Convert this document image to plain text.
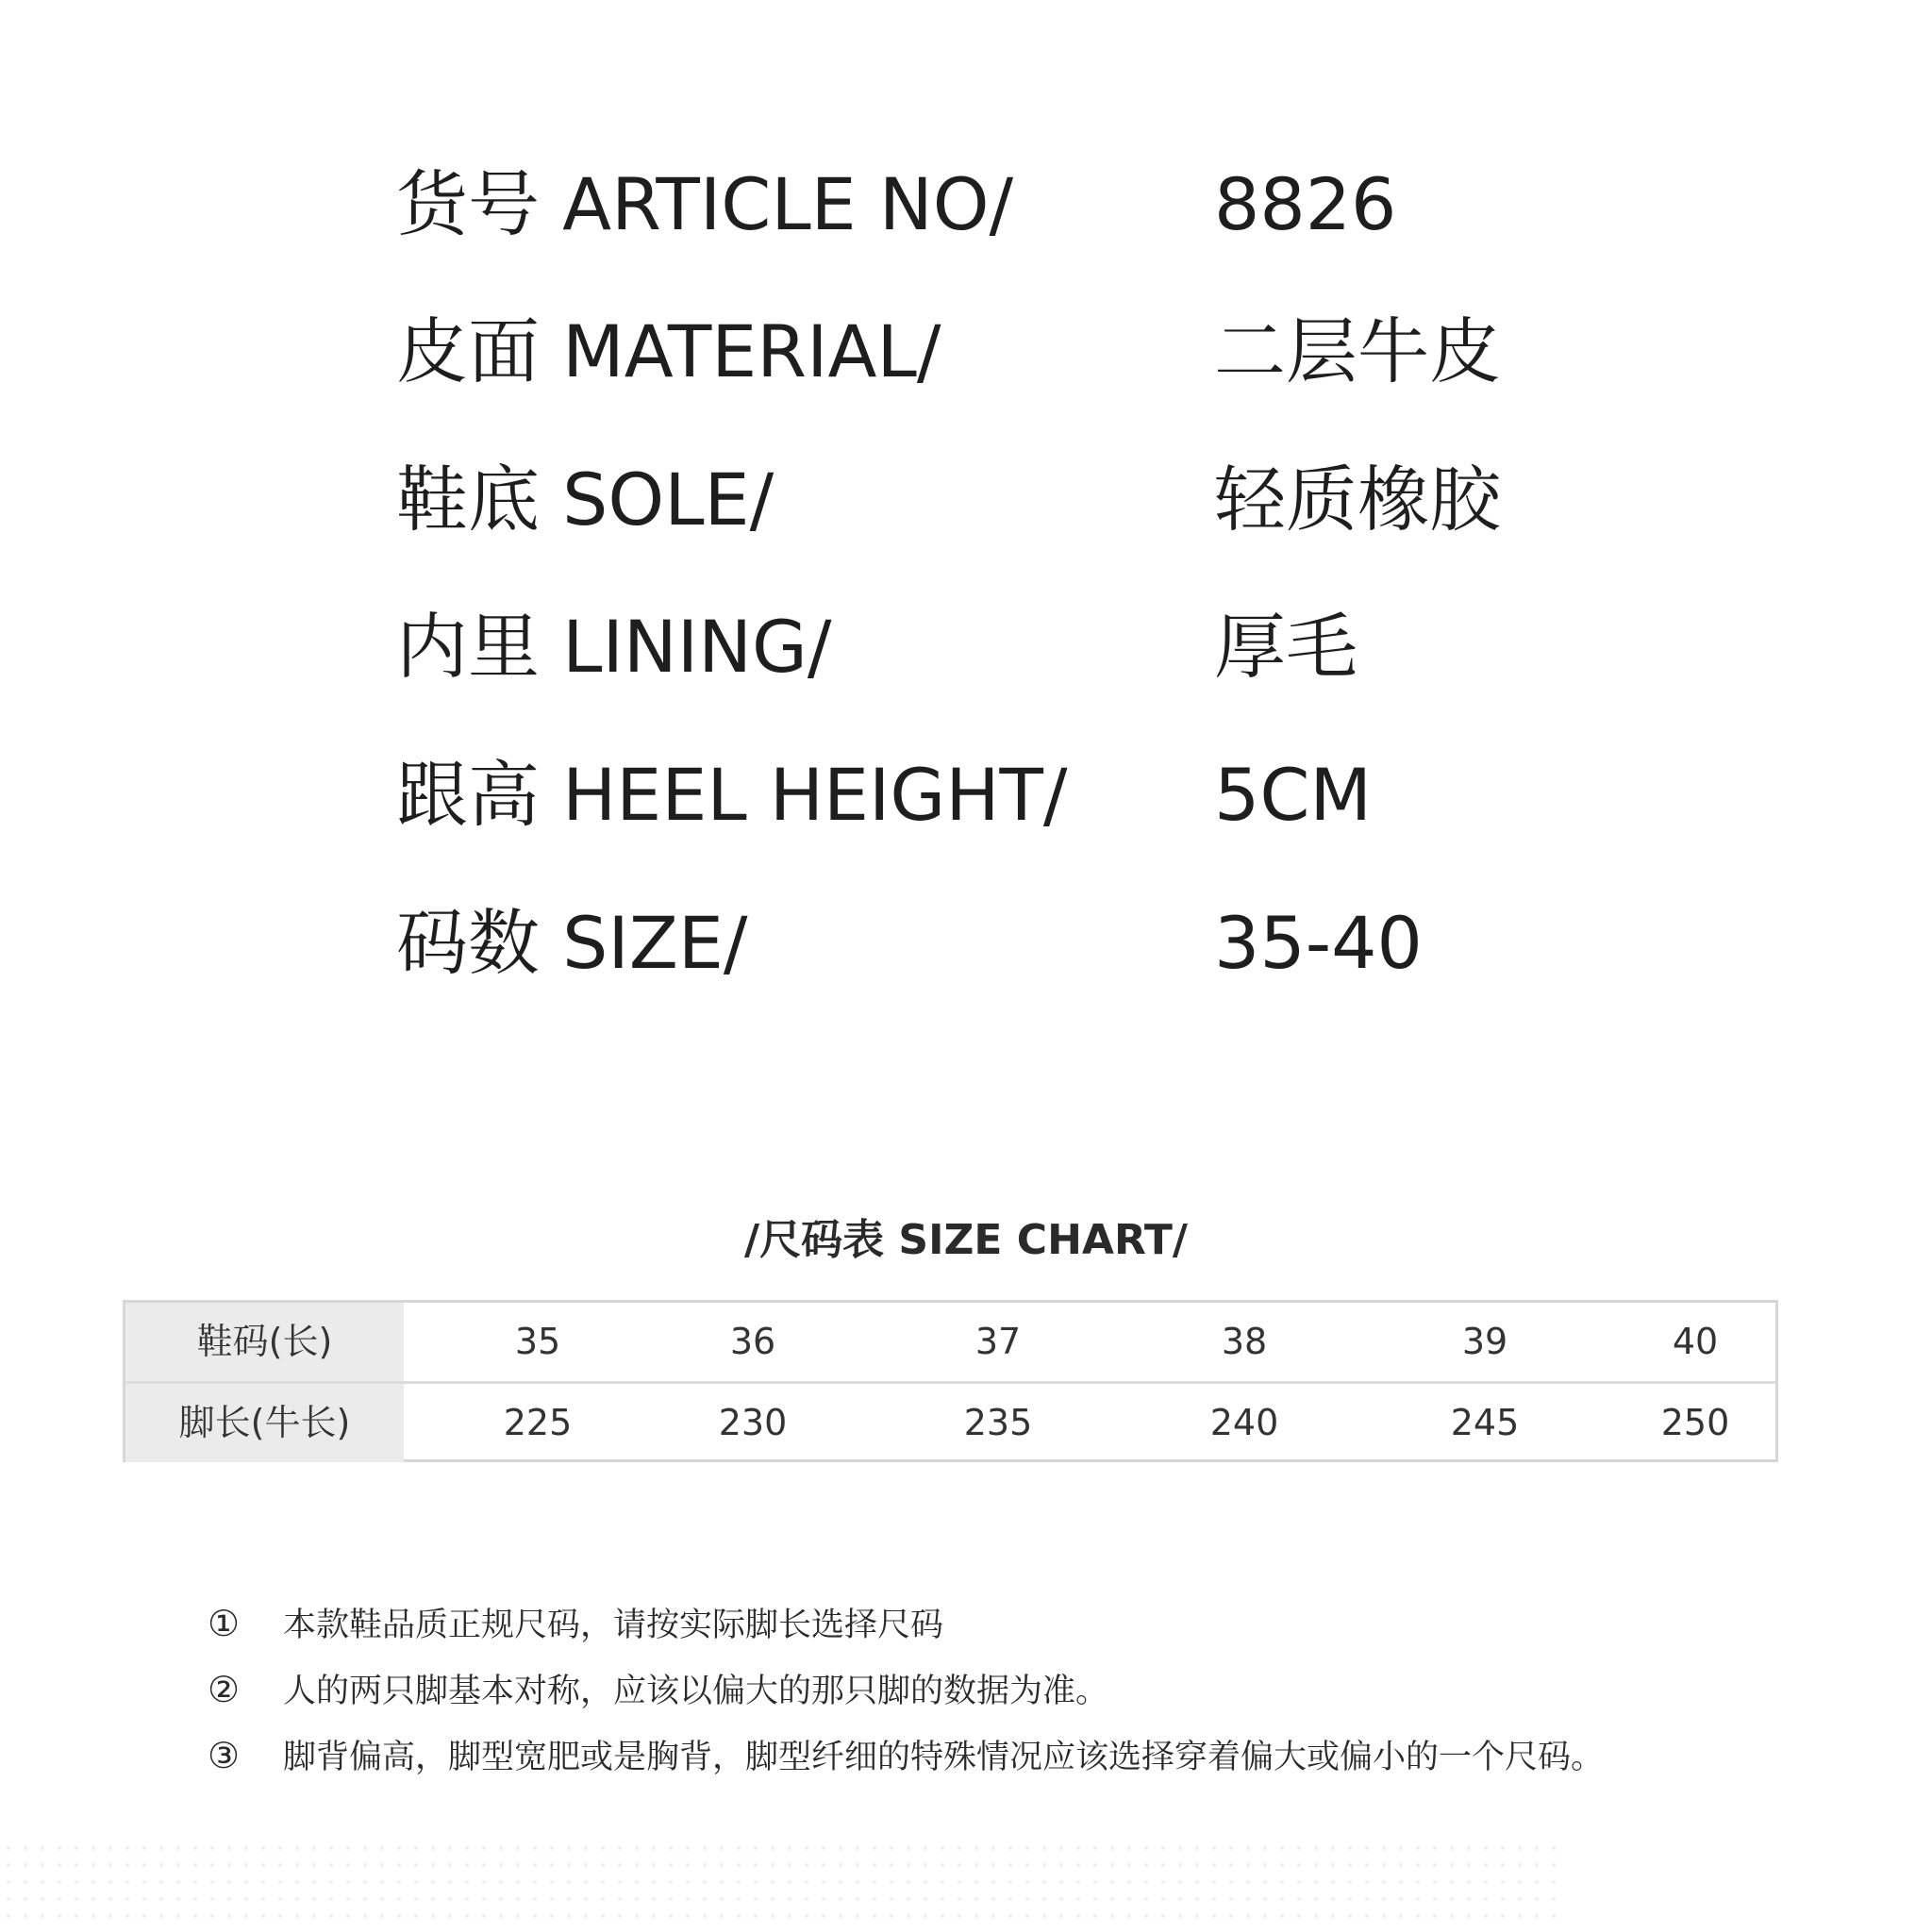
货号 ARTICLE NO/	8826
皮面 MATERIAL/	二层牛皮
鞋底 SOLE/	轻质橡胶
内里 LINING/	厚毛
跟高 HEEL HEIGHT/ 5CM
码数 SIZE/	35-40
/尺码表 SIZE CHART/
鞋码(长)	35	36	37	38	39	40
脚长(牛长)	225	230	235	240	245	250
① 本款鞋品质正规尺码，请按实际脚长选择尺码
② 人的两只脚基本对称，应该以偏大的那只脚的数据为准。
③ 脚背偏高，脚型宽肥或是胸背，脚型纤细的特殊情况应该选择穿着偏大或偏小的一个尺码。
